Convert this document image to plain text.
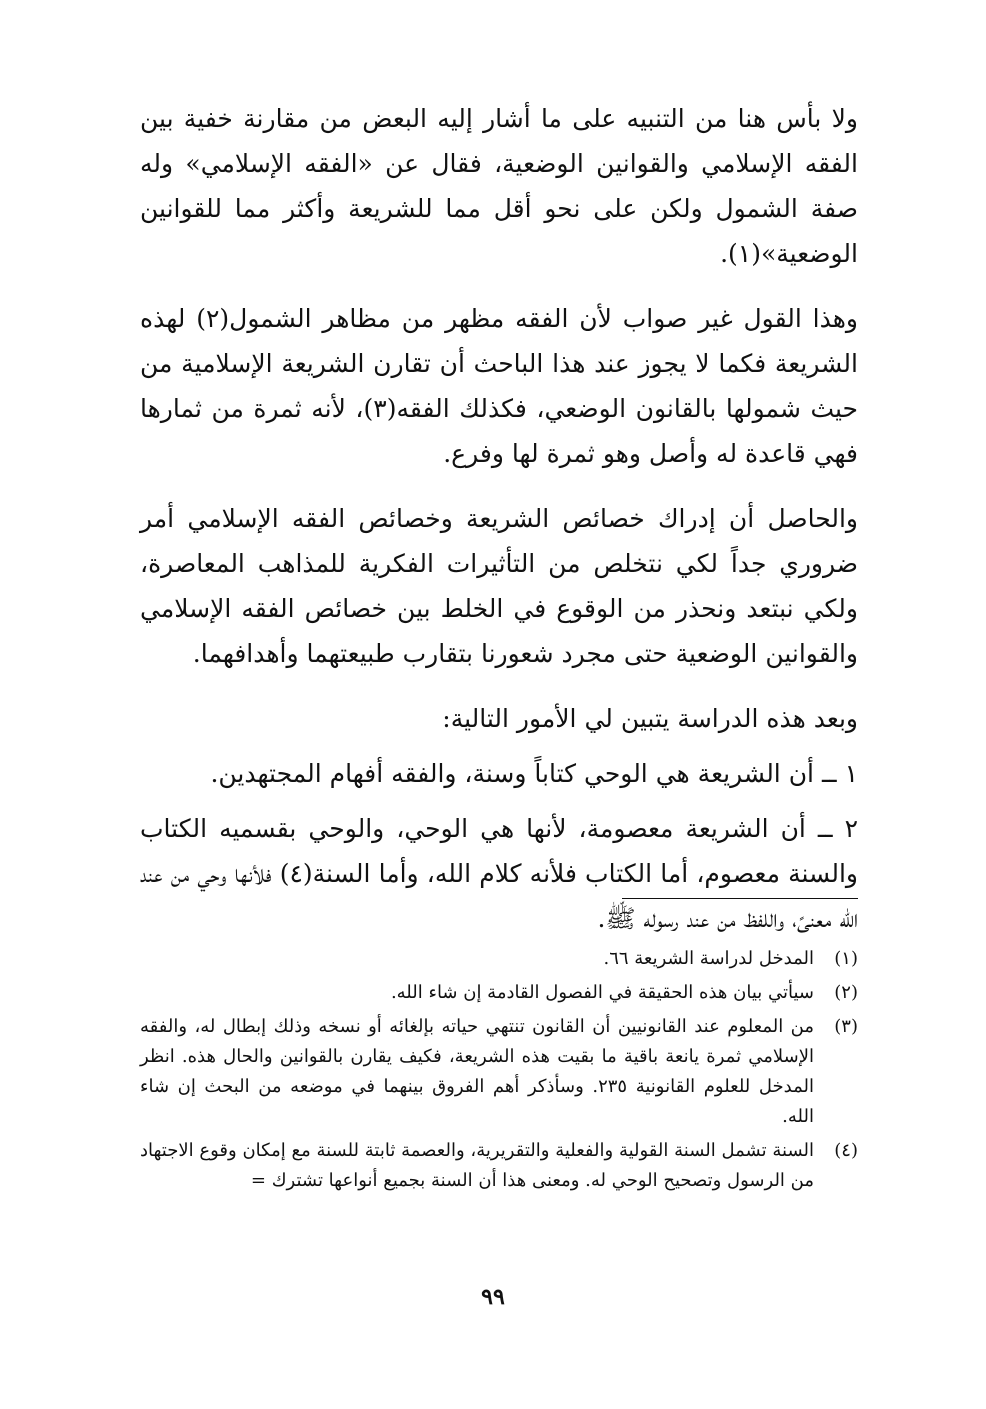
ولا بأس هنا من التنبيه على ما أشار إليه البعض من مقارنة خفية بين الفقه الإسلامي والقوانين الوضعية، فقال عن «الفقه الإسلامي» وله صفة الشمول ولكن على نحو أقل مما للشريعة وأكثر مما للقوانين الوضعية»(١).

وهذا القول غير صواب لأن الفقه مظهر من مظاهر الشمول(٢) لهذه الشريعة فكما لا يجوز عند هذا الباحث أن تقارن الشريعة الإسلامية من حيث شمولها بالقانون الوضعي، فكذلك الفقه(٣)، لأنه ثمرة من ثمارها فهي قاعدة له وأصل وهو ثمرة لها وفرع.

والحاصل أن إدراك خصائص الشريعة وخصائص الفقه الإسلامي أمر ضروري جداً لكي نتخلص من التأثيرات الفكرية للمذاهب المعاصرة، ولكي نبتعد ونحذر من الوقوع في الخلط بين خصائص الفقه الإسلامي والقوانين الوضعية حتى مجرد شعورنا بتقارب طبيعتهما وأهدافهما.

وبعد هذه الدراسة يتبين لي الأمور التالية:

١ ــ أن الشريعة هي الوحي كتاباً وسنة، والفقه أفهام المجتهدين.

٢ ــ أن الشريعة معصومة، لأنها هي الوحي، والوحي بقسميه الكتاب والسنة معصوم، أما الكتاب فلأنه كلام الله، وأما السنة(٤) فلأنها وحي من عند الله معنىً، واللفظ من عند رسوله ﷺ.

(١)
المدخل لدراسة الشريعة ٦٦.
(٢)
سيأتي بيان هذه الحقيقة في الفصول القادمة إن شاء الله.
(٣)
من المعلوم عند القانونيين أن القانون تنتهي حياته بإلغائه أو نسخه وذلك إبطال له، والفقه الإسلامي ثمرة يانعة باقية ما بقيت هذه الشريعة، فكيف يقارن بالقوانين والحال هذه. انظر المدخل للعلوم القانونية ٢٣٥. وسأذكر أهم الفروق بينهما في موضعه من البحث إن شاء الله.
(٤)
السنة تشمل السنة القولية والفعلية والتقريرية، والعصمة ثابتة للسنة مع إمكان وقوع الاجتهاد من الرسول وتصحيح الوحي له. ومعنى هذا أن السنة بجميع أنواعها تشترك =
٩٩
